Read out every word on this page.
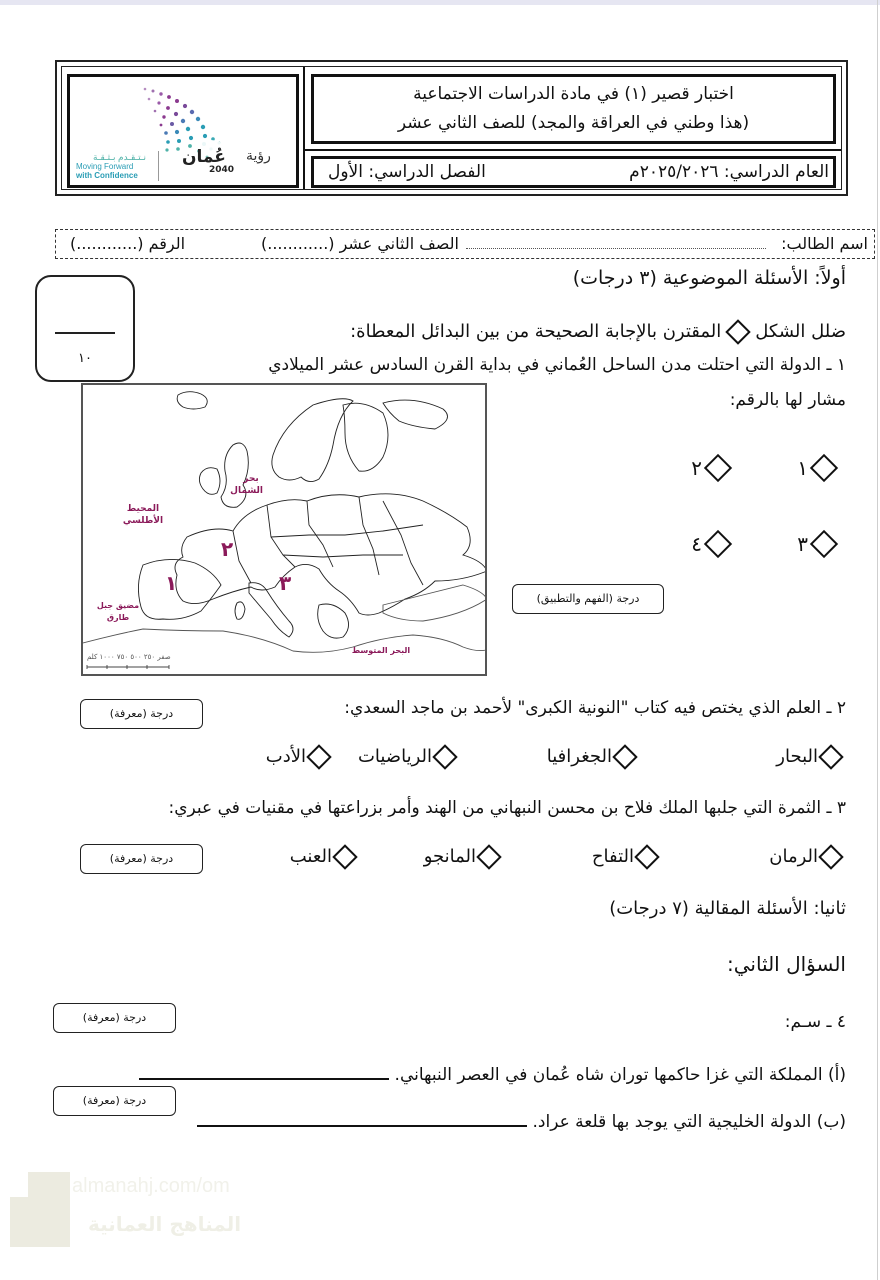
عُمان رؤية
2040
نـتـقـدم بـثـقـة
Moving Forward
with Confidence
اختبار قصير (١) في مادة الدراسات الاجتماعية
(هذا وطني في العراقة والمجد) للصف الثاني عشر
العام الدراسي: ٢٠٢٥/٢٠٢٦م
الفصل الدراسي: الأول
اسم الطالب:
الصف الثاني عشر (............)
الرقم (............)
أولاً: الأسئلة الموضوعية (٣ درجات)
١٠
ضلل الشكلالمقترن بالإجابة الصحيحة من بين البدائل المعطاة:
١ ـ الدولة التي احتلت مدن الساحل العُماني في بداية القرن السادس عشر الميلادي
مشار لها بالرقم:
المحيط الأطلسي
بحر الشمال
مضيق جبل طارق
البحر المتوسط
١
٢
٣
صفر ٢٥٠ ٥٠٠ ٧٥٠ ١٠٠٠ كلم
١
٢
٣
٤
درجة (الفهم والتطبيق)
٢ ـ العلم الذي يختص فيه كتاب "النونية الكبرى" لأحمد بن ماجد السعدي:
درجة (معرفة)
البحار
الجغرافيا
الرياضيات
الأدب
٣ ـ الثمرة التي جلبها الملك فلاح بن محسن النبهاني من الهند وأمر بزراعتها في مقنيات في عبري:
الرمان
التفاح
المانجو
العنب
درجة (معرفة)
ثانيا: الأسئلة المقالية (٧ درجات)
السؤال الثاني:
٤ ـ سـم:
درجة (معرفة)
(أ) المملكة التي غزا حاكمها توران شاه عُمان في العصر النبهاني.
درجة (معرفة)
(ب) الدولة الخليجية التي يوجد بها قلعة عراد.
almanahj.com/om
المناهج العمانية
